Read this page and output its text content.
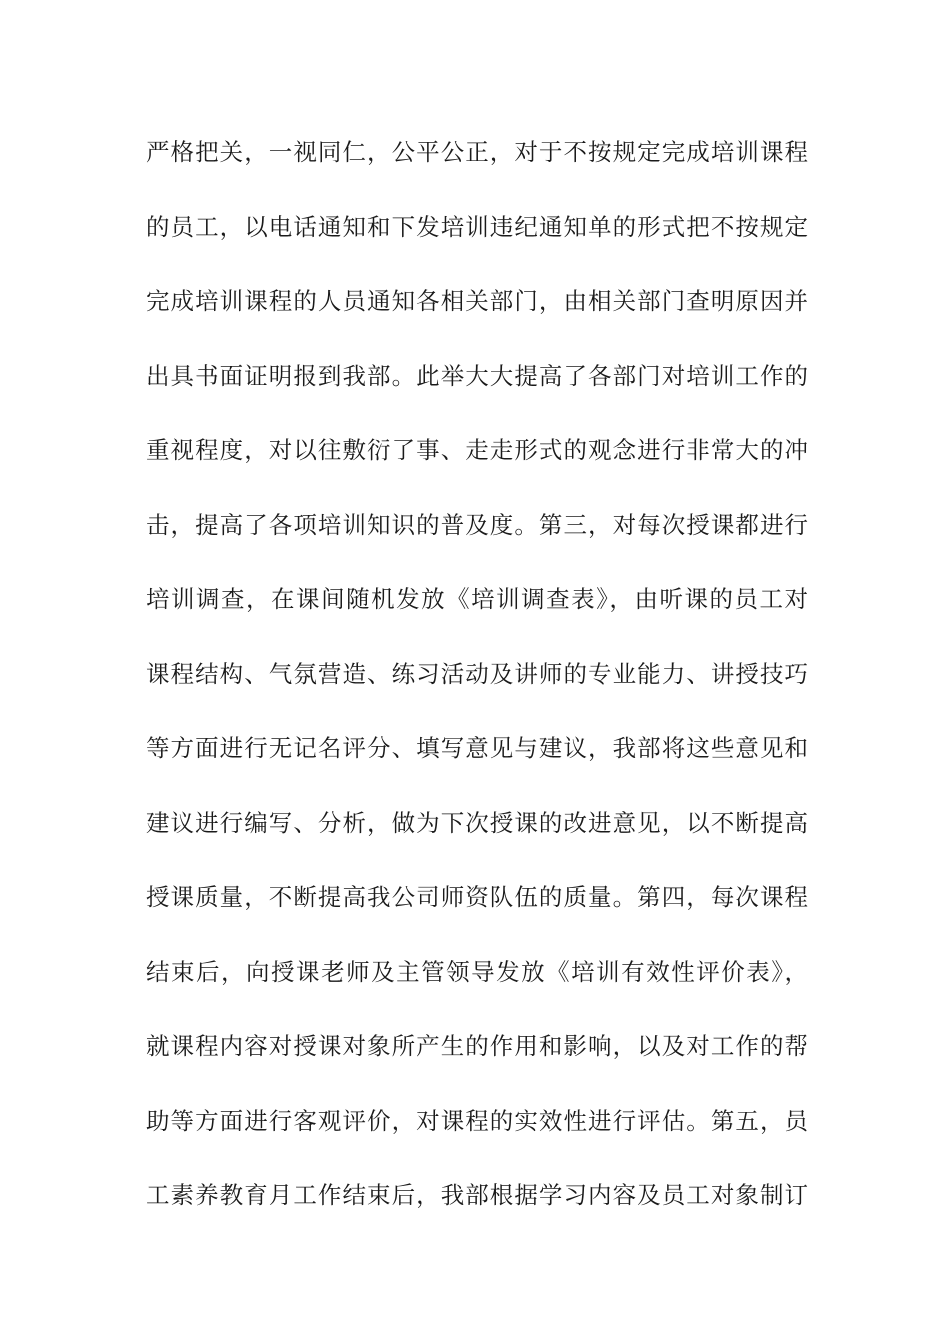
严格把关，一视同仁，公平公正，对于不按规定完成培训课程
的员工，以电话通知和下发培训违纪通知单的形式把不按规定
完成培训课程的人员通知各相关部门，由相关部门查明原因并
出具书面证明报到我部。此举大大提高了各部门对培训工作的
重视程度，对以往敷衍了事、走走形式的观念进行非常大的冲
击，提高了各项培训知识的普及度。第三，对每次授课都进行
培训调查，在课间随机发放《培训调查表》，由听课的员工对
课程结构、气氛营造、练习活动及讲师的专业能力、讲授技巧
等方面进行无记名评分、填写意见与建议，我部将这些意见和
建议进行编写、分析，做为下次授课的改进意见，以不断提高
授课质量，不断提高我公司师资队伍的质量。第四，每次课程
结束后，向授课老师及主管领导发放《培训有效性评价表》，
就课程内容对授课对象所产生的作用和影响，以及对工作的帮
助等方面进行客观评价，对课程的实效性进行评估。第五，员
工素养教育月工作结束后，我部根据学习内容及员工对象制订
